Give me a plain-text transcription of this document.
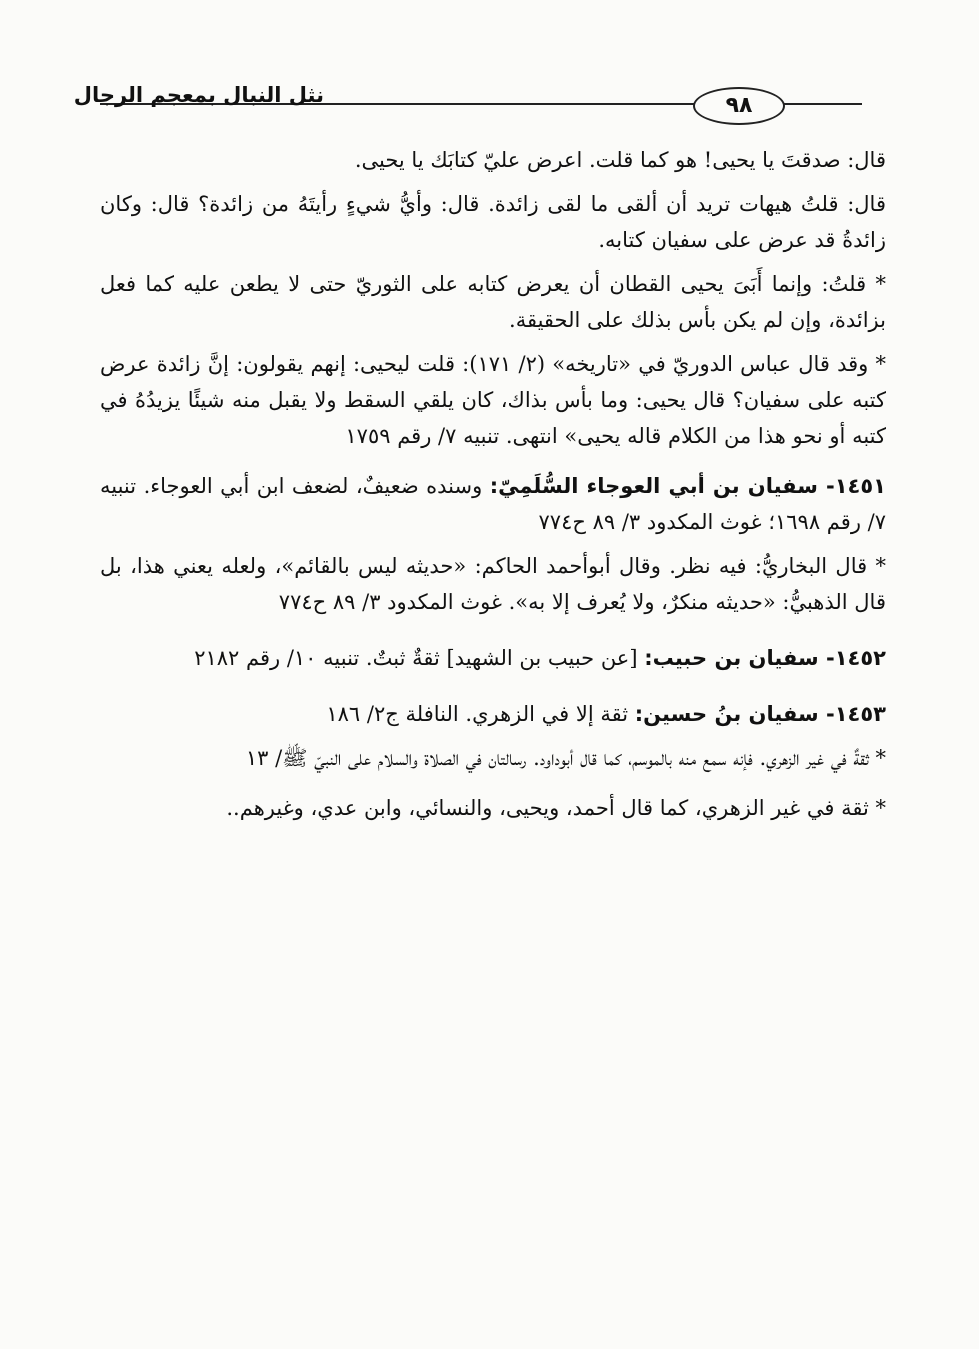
نثل النبال بمعجم الرجال	٩٨

قال: صدقتَ يا يحيى! هو كما قلت. اعرض عليّ كتابَك يا يحيى.

قال: قلتُ هيهات تريد أن ألقى ما لقى زائدة. قال: وأيُّ شيءٍ رأيتَهُ من زائدة؟ قال: وكان زائدةُ قد عرض على سفيان كتابه.

* قلتُ: وإنما أَبَىَ يحيى القطان أن يعرض كتابه على الثوريّ حتى لا يطعن عليه كما فعل بزائدة، وإن لم يكن بأس بذلك على الحقيقة.

* وقد قال عباس الدوريّ في «تاريخه» (٢/ ١٧١): قلت ليحيى: إنهم يقولون: إنَّ زائدة عرض كتبه على سفيان؟ قال يحيى: وما بأس بذاك، كان يلقي السقط ولا يقبل منه شيئًا يزيدُهُ في كتبه أو نحو هذا من الكلام قاله يحيى» انتهى. تنبيه ٧/ رقم ١٧٥٩

١٤٥١- سفيان بن أبي العوجاء السُّلَمِيّ: وسنده ضعيفٌ، لضعف ابن أبي العوجاء. تنبيه ٧/ رقم ١٦٩٨؛ غوث المكدود ٣/ ٨٩ ح٧٧٤

* قال البخاريُّ: فيه نظر. وقال أبوأحمد الحاكم: «حديثه ليس بالقائم»، ولعله يعني هذا، بل قال الذهبيُّ: «حديثه منكرٌ، ولا يُعرف إلا به». غوث المكدود ٣/ ٨٩ ح٧٧٤

١٤٥٢- سفيان بن حبيب: [عن حبيب بن الشهيد] ثقةٌ ثبتٌ. تنبيه ١٠/ رقم ٢١٨٢

١٤٥٣- سفيان بنُ حسين: ثقة إلا في الزهري. النافلة ج٢/ ١٨٦

* ثقةٌ في غير الزهري. فإنه سمع منه بالموسم، كما قال أبوداود. رسالتان في الصلاة والسلام على النبيّ ﷺ/ ١٣

* ثقة في غير الزهري، كما قال أحمد، ويحيى، والنسائي، وابن عدي، وغيرهم..
